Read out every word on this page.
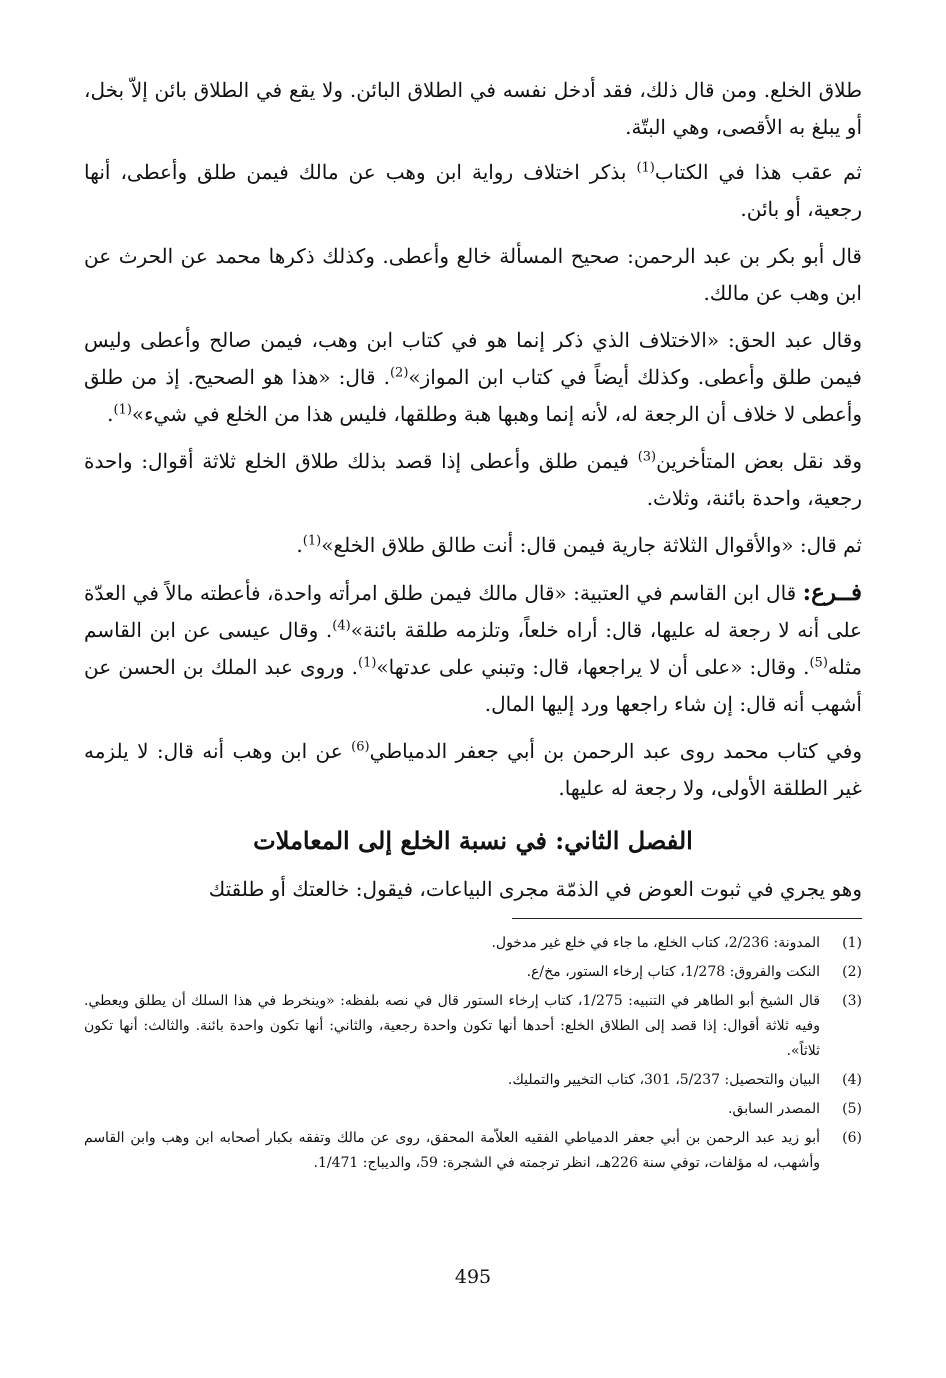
طلاق الخلع. ومن قال ذلك، فقد أدخل نفسه في الطلاق البائن. ولا يقع في الطلاق بائن إلاّ بخل، أو يبلغ به الأقصى، وهي البتّة.

ثم عقب هذا في الكتاب$^{(1)}$ بذكر اختلاف رواية ابن وهب عن مالك فيمن طلق وأعطى، أنها رجعية، أو بائن.

قال أبو بكر بن عبد الرحمن: صحيح المسألة خالع وأعطى. وكذلك ذكرها محمد عن الحرث عن ابن وهب عن مالك.

وقال عبد الحق: «الاختلاف الذي ذكر إنما هو في كتاب ابن وهب، فيمن صالح وأعطى وليس فيمن طلق وأعطى. وكذلك أيضاً في كتاب ابن المواز»$^{(2)}$. قال: «هذا هو الصحيح. إذ من طلق وأعطى لا خلاف أن الرجعة له، لأنه إنما وهبها هبة وطلقها، فليس هذا من الخلع في شيء»$^{(1)}$.

وقد نقل بعض المتأخرين$^{(3)}$ فيمن طلق وأعطى إذا قصد بذلك طلاق الخلع ثلاثة أقوال: واحدة رجعية، واحدة بائنة، وثلاث.

ثم قال: «والأقوال الثلاثة جارية فيمن قال: أنت طالق طلاق الخلع»$^{(1)}$.

فــرع: قال ابن القاسم في العتبية: «قال مالك فيمن طلق امرأته واحدة، فأعطته مالاً في العدّة على أنه لا رجعة له عليها، قال: أراه خلعاً، وتلزمه طلقة بائنة»$^{(4)}$. وقال عيسى عن ابن القاسم مثله$^{(5)}$. وقال: «على أن لا يراجعها، قال: وتبني على عدتها»$^{(1)}$. وروى عبد الملك بن الحسن عن أشهب أنه قال: إن شاء راجعها ورد إليها المال.

وفي كتاب محمد روى عبد الرحمن بن أبي جعفر الدمياطي$^{(6)}$ عن ابن وهب أنه قال: لا يلزمه غير الطلقة الأولى، ولا رجعة له عليها.

الفصل الثاني: في نسبة الخلع إلى المعاملات

وهو يجري في ثبوت العوض في الذمّة مجرى البياعات، فيقول: خالعتك أو طلقتك

(1)
المدونة: 2/236، كتاب الخلع، ما جاء في خلع غير مدخول.
(2)
النكت والفروق: 1/278، كتاب إرخاء الستور، مخ/ع.
(3)
قال الشيخ أبو الطاهر في التنبيه: 1/275، كتاب إرخاء الستور قال في نصه بلفظه: «وينخرط في هذا السلك أن يطلق ويعطي. وفيه ثلاثة أقوال: إذا قصد إلى الطلاق الخلع: أحدها أنها تكون واحدة رجعية، والثاني: أنها تكون واحدة بائنة. والثالث: أنها تكون ثلاثاً».
(4)
البيان والتحصيل: 5/237، 301، كتاب التخيير والتمليك.
(5)
المصدر السابق.
(6)
أبو زيد عبد الرحمن بن أبي جعفر الدمياطي الفقيه العلاّمة المحقق، روى عن مالك وتفقه بكبار أصحابه ابن وهب وابن القاسم وأشهب، له مؤلفات، توفي سنة 226هـ، انظر ترجمته في الشجرة: 59، والديباج: 1/471.
495
